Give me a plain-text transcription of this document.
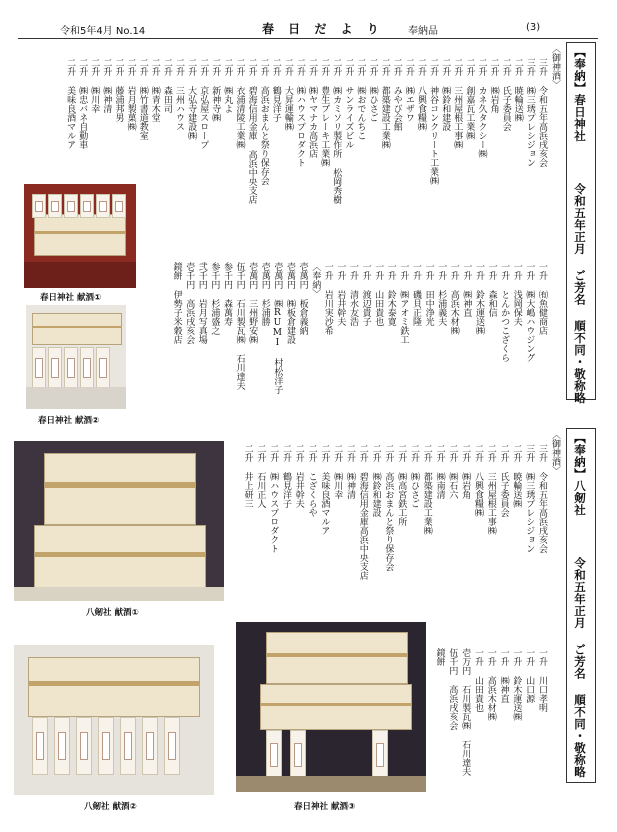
令和5年4月 No.14	春 日 だ よ り 奉納品	(3)
【奉納】春日神社  令和五年正月 ご芳名 順不同・敬称略
〈御神酒〉
三升 令和五年高浜戌亥会
三升 ㈱三琇プレシジョン
二升 暁輪送㈱
二升 氏子委員会
二升 ㈱岩角
二升 カネ久タクシー㈱
二升 創嘉瓦工業㈱
二升 三州屋根工事㈱
二升 ㈱鈴和建設
二升 神谷コンクリート工業㈱
二升 八興食糧㈱
二升 ㈱エザワ
二升 みやび会館
二升 都築建設工業㈱
二升 ㈱ひさご
二升 ㈱おでんちこ
二升 サンライズビル
二升 ㈱カミソリ製作所 松岡秀樹
二升 豊生ブレーキ工業㈱
二升 ㈱ヤマナカ高浜店
二升 ㈱ハウスプロダクト
二升 大昇運輸㈱
二升 鶴見洋子
二升 高浜おまんと祭り保存会
二升 碧海信用金庫 高浜中央支店
二升 衣浦清陵工業㈱
二升 ㈱丸よ
二升 新神寺㈱
二升 京弘屋スロープ
二升 大弘寺建設㈱
二升 三州ハウス
二升 森田司
二升 ㈱青木堂
二升 ㈱竹書道教室
二升 岩月製菓㈱
二升 藤浦邦男
二升 ㈱神清
二升 ㈱川幸
二升 ㈱忠バネ自動車
二升 美味良酒マルア
一升 ㈲魚健商店
一升 ㈱大嶋ハウジング
一升 浅岡保夫
一升 とんかつこざくら
一升 森和信
一升 鈴木運送㈱
一升 ㈱神直
一升 高浜木材㈱
一升 杉浦義夫
一升 田中浄光
一升 磯貝正隆
一升 ㈱アオミ鉄工
一升 鈴木泰寛
一升 山田貴也
一升 渡辺貴子
一升 清水友浩
一升 岩井幹夫
一升 岩川実沙希
〈奉納〉
壱萬円 板倉義納
壱萬円 ㈱板倉建設
壱萬円 ㈱RUMI 村松洋子
壱萬円 杉浦勝
壱萬円 三州野安㈱
伍千円 石川製瓦㈱ 石川達夫
参千円 森萬寿
参千円 杉浦盛之
弐千円 岩月写真場
壱千円 高浜戌亥会
鏡餅 伊勢子米穀店
【奉納】八剱社  令和五年正月 ご芳名 順不同・敬称略
〈御神酒〉
三升 令和五年高浜戌亥会
三升 ㈱三琇プレシジョン
二升 暁輪送㈱
二升 氏子委員会
二升 三州屋根工事㈱
二升 八興食糧㈱
二升 ㈱岩角
二升 ㈱石六
二升 ㈱南清
二升 都築建設工業㈱
二升 ㈱ひさご
二升 ㈱高宮鉄工所
二升 高浜おまんと祭り保存会
二升 ㈱鈴和建設
二升 碧海信用金庫高浜中央支店
二升 ㈱神清
二升 ㈱川幸
二升 美味良酒マルア
二升 こざくらや
二升 岩井幹夫
二升 鶴見洋子
二升 ㈱ハウスプロダクト
二升 石川正人
二升 井上研三
一升 川口孝明
一升 山口源
一升 鈴木運送㈱
一升 ㈱神直
一升 高浜木材㈱
一升 山田貴也
壱万円 石川製瓦㈱ 石川達夫
伍千円 高浜戌亥会
鏡餅
春日神社 献酒①
春日神社 献酒②
八剱社 献酒①
八剱社 献酒②	春日神社 献酒③
